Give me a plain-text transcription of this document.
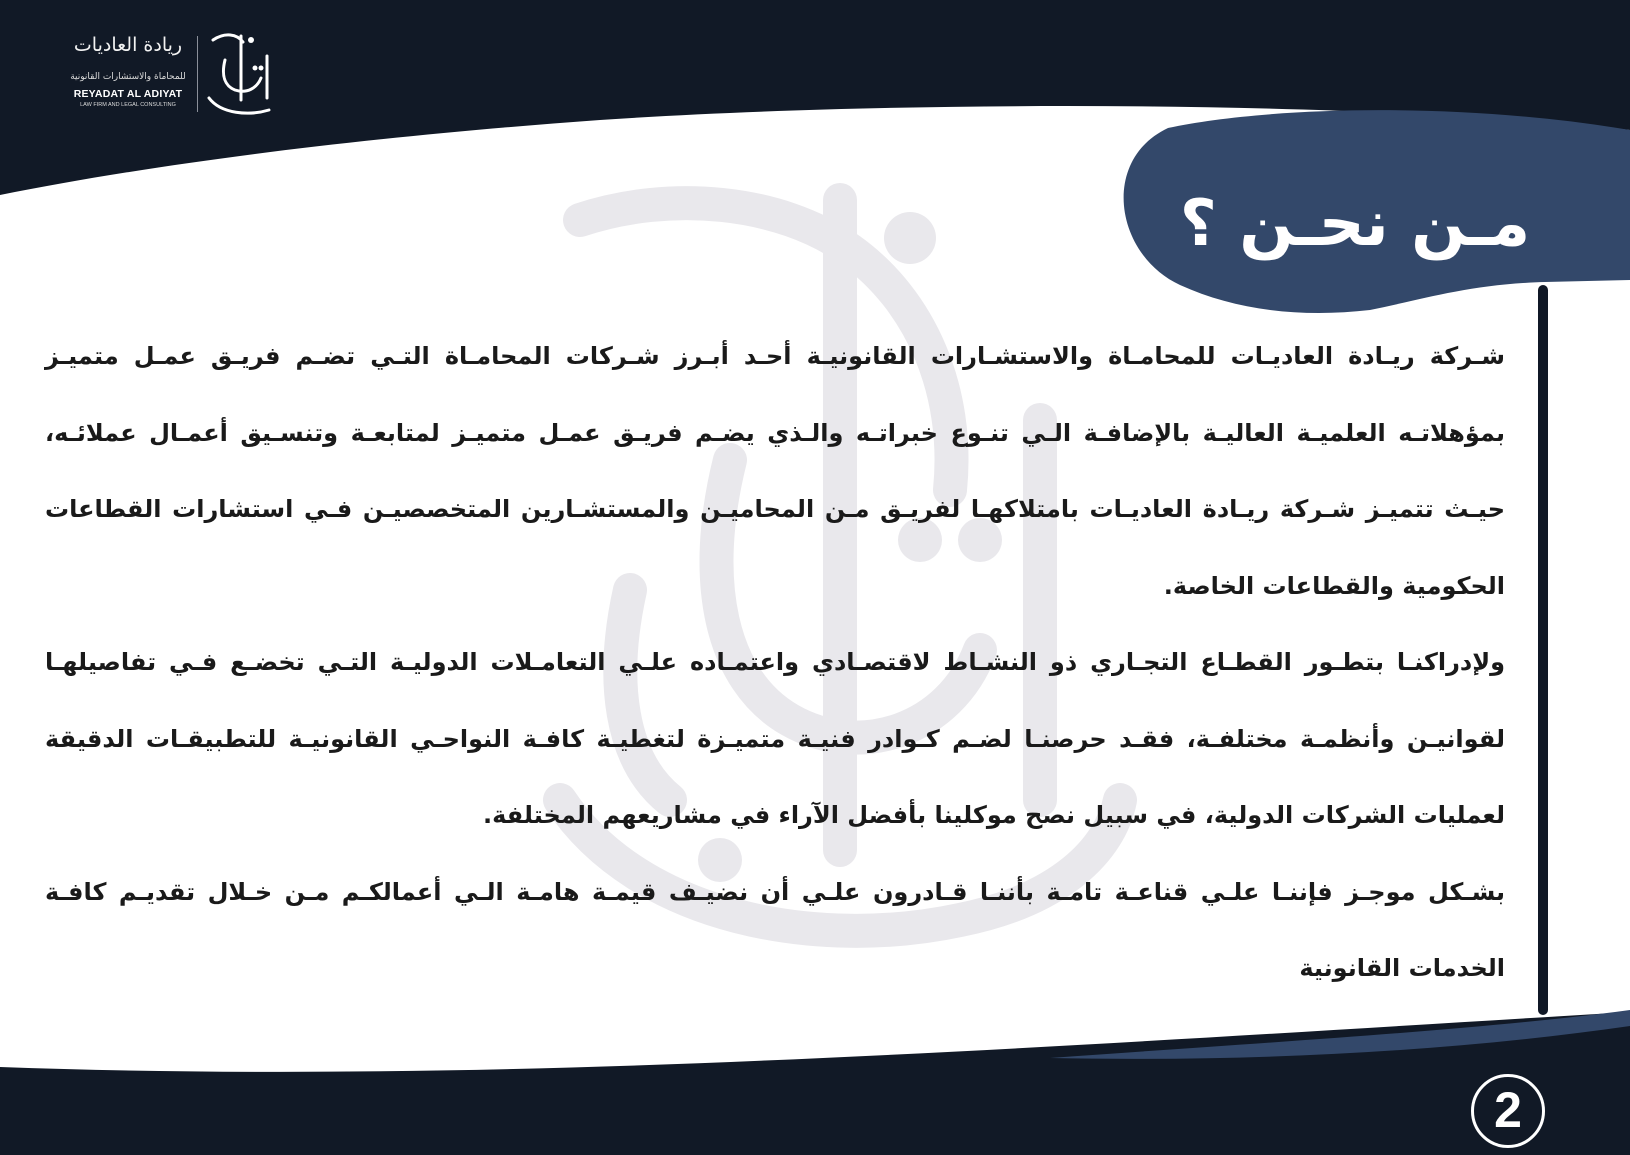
ريادة العاديات
للمحاماة والاستشارات القانونية
REYADAT AL ADIYAT
LAW FIRM AND LEGAL CONSULTING
مـن نحـن ؟

شـركة ريـادة العاديـات للمحامـاة والاستشـارات القانونيـة أحـد أبـرز شـركات المحامـاة التـي تضـم فريـق عمـل متميـز بمؤهلاتـه العلميـة العاليـة بالإضافـة الـي تنـوع خبراتـه والـذي يضـم فريـق عمـل متميـز لمتابعـة وتنسـيق أعمـال عملائـه، حيـث تتميـز شـركة ريـادة العاديـات بامتلاكهـا لفريـق مـن المحاميـن والمستشـارين المتخصصيـن فـي استشارات القطاعات الحكومية والقطاعات الخاصة.

ولإدراكنـا بتطـور القطـاع التجـاري ذو النشـاط لاقتصـادي واعتمـاده علـي التعامـلات الدوليـة التـي تخضـع فـي تفاصيلهـا لقوانيـن وأنظمـة مختلفـة، فقـد حرصنـا لضـم كـوادر فنيـة متميـزة لتغطيـة كافـة النواحـي القانونيـة للتطبيقـات الدقيقة لعمليات الشركات الدولية، في سبيل نصح موكلينا بأفضل الآراء في مشاريعهم المختلفة.

بشـكل موجـز فإننـا علـي قناعـة تامـة بأننـا قـادرون علـي أن نضيـف قيمـة هامـة الـي أعمالكـم مـن خـلال تقديـم كافـة الخدمات القانونية

2
